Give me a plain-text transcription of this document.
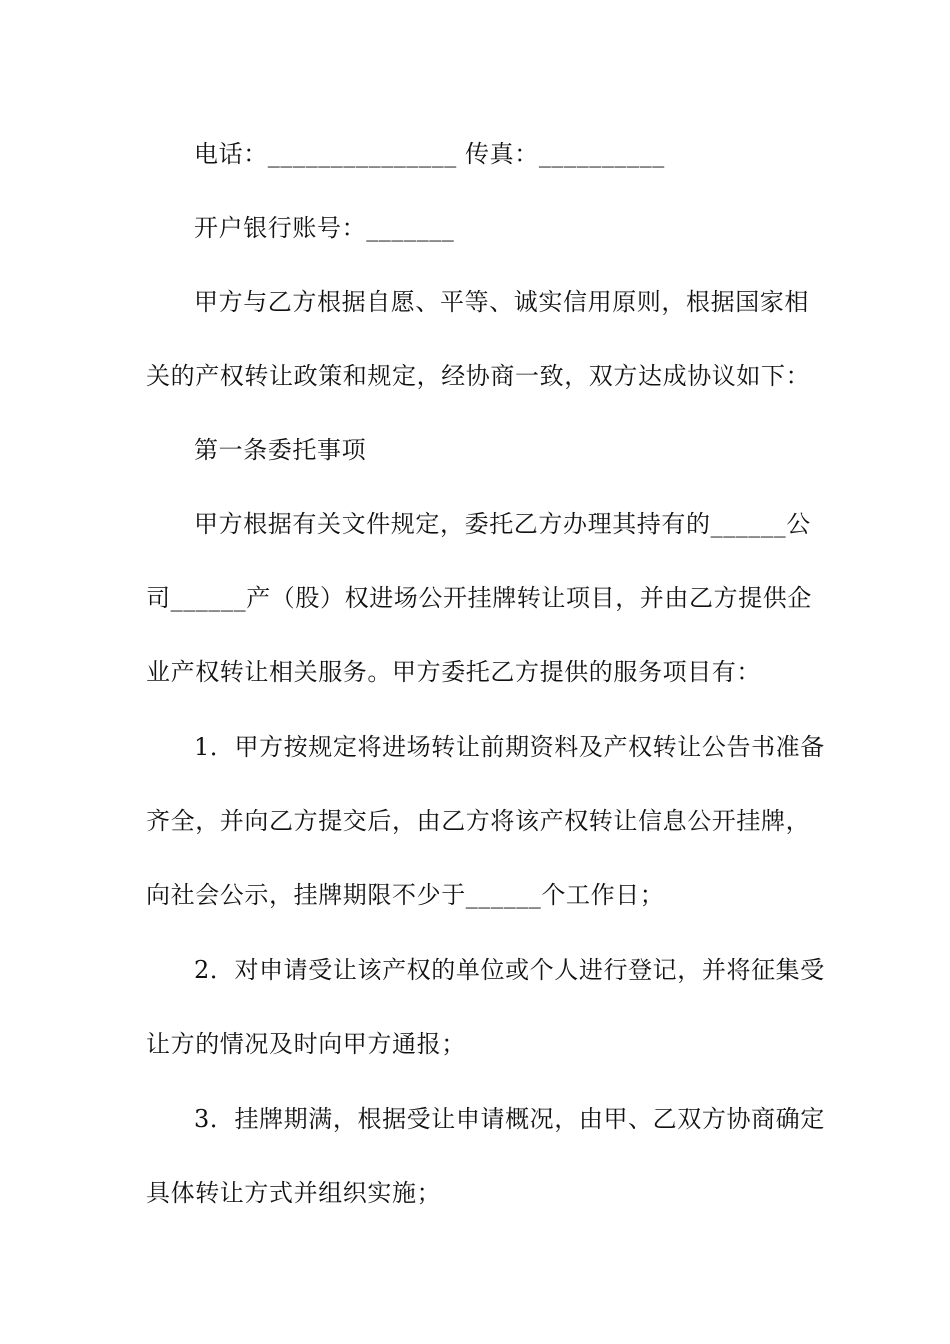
电话：_______________ 传真：__________
开户银行账号：_______
甲方与乙方根据自愿、平等、诚实信用原则，根据国家相
关的产权转让政策和规定，经协商一致，双方达成协议如下：
第一条委托事项
甲方根据有关文件规定，委托乙方办理其持有的______公
司______产（股）权进场公开挂牌转让项目，并由乙方提供企
业产权转让相关服务。甲方委托乙方提供的服务项目有：
1．甲方按规定将进场转让前期资料及产权转让公告书准备
齐全，并向乙方提交后，由乙方将该产权转让信息公开挂牌，
向社会公示，挂牌期限不少于______个工作日；
2．对申请受让该产权的单位或个人进行登记，并将征集受
让方的情况及时向甲方通报；
3．挂牌期满，根据受让申请概况，由甲、乙双方协商确定
具体转让方式并组织实施；
